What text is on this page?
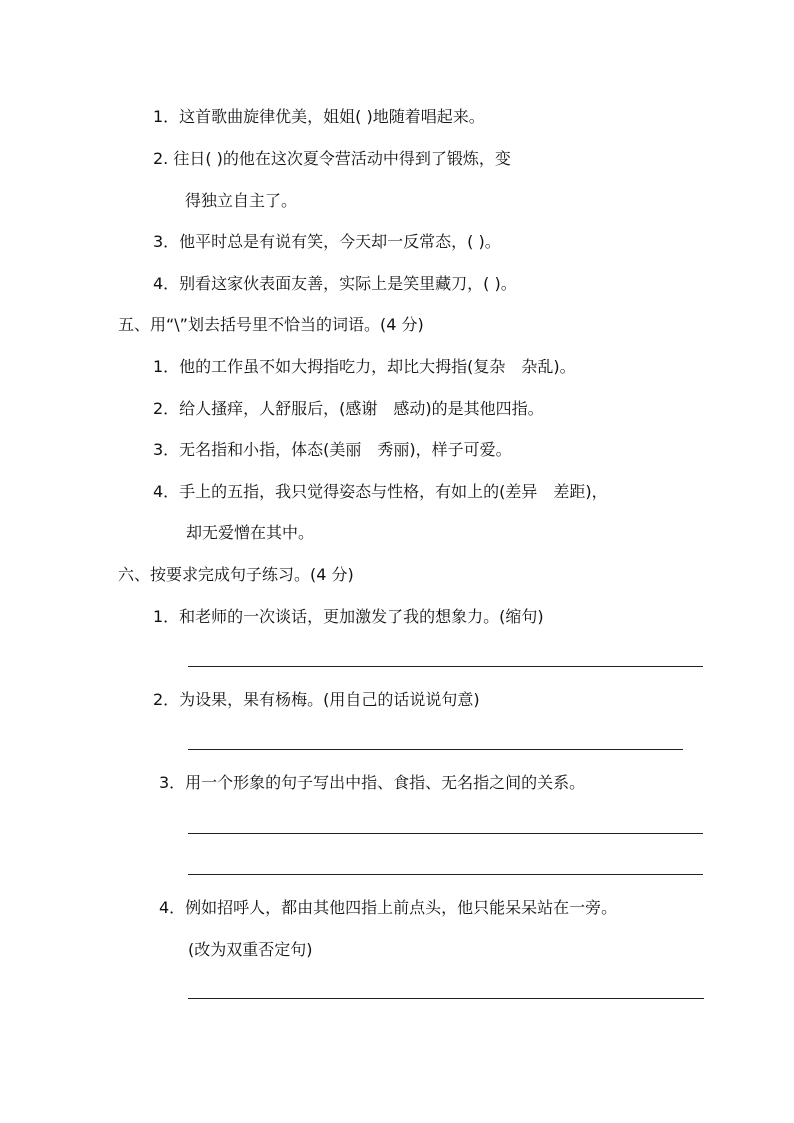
1．这首歌曲旋律优美，姐姐( )地随着唱起来。
2. 往日( )的他在这次夏令营活动中得到了锻炼，变
得独立自主了。
3．他平时总是有说有笑，今天却一反常态，( )。
4．别看这家伙表面友善，实际上是笑里藏刀，( )。
五、用“\”划去括号里不恰当的词语。(4 分)
1．他的工作虽不如大拇指吃力，却比大拇指(复杂　杂乱)。
2．给人搔痒，人舒服后，(感谢　感动)的是其他四指。
3．无名指和小指，体态(美丽　秀丽)，样子可爱。
4．手上的五指，我只觉得姿态与性格，有如上的(差异　差距)，
却无爱憎在其中。
六、按要求完成句子练习。(4 分)
1．和老师的一次谈话，更加激发了我的想象力。(缩句)
2．为设果，果有杨梅。(用自己的话说说句意)
3．用一个形象的句子写出中指、食指、无名指之间的关系。
4．例如招呼人，都由其他四指上前点头，他只能呆呆站在一旁。
(改为双重否定句)
